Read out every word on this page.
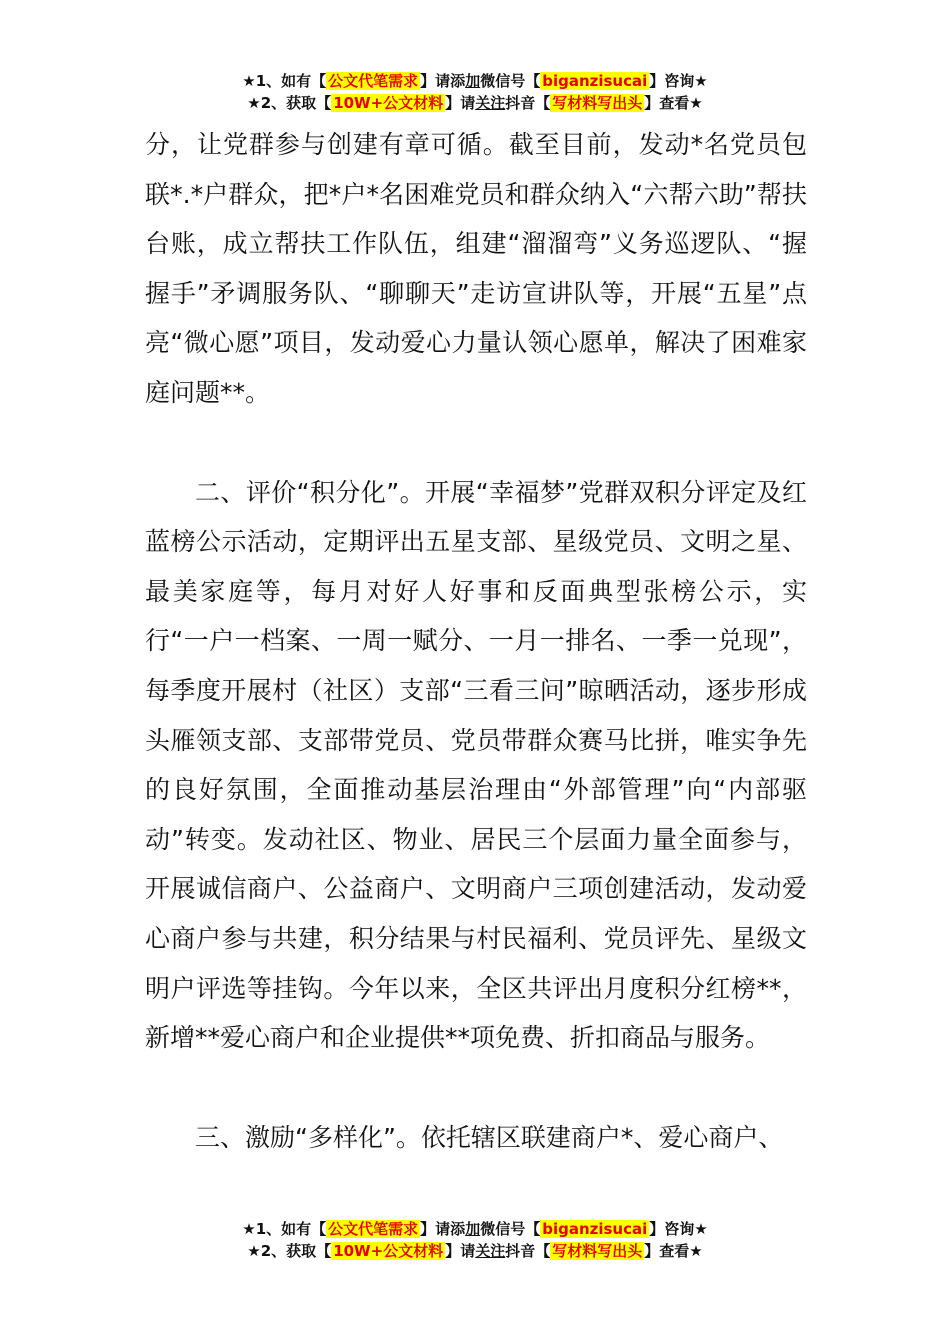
★1、如有【 公文代笔需求 】请添加微信号【 biganzisucai 】咨询★
★2、获取【 10W+公文材料 】请关注抖音【 写材料写出头 】查看★

分，让党群参与创建有章可循。截至目前，发动*名党员包联*.*户群众，把*户*名困难党员和群众纳入“六帮六助”帮扶台账，成立帮扶工作队伍，组建“溜溜弯”义务巡逻队、“握握手”矛调服务队、“聊聊天”走访宣讲队等，开展“五星”点亮“微心愿”项目，发动爱心力量认领心愿单，解决了困难家庭问题**。

二、评价“积分化”。开展“幸福梦”党群双积分评定及红蓝榜公示活动，定期评出五星支部、星级党员、文明之星、最美家庭等，每月对好人好事和反面典型张榜公示，实行“一户一档案、一周一赋分、一月一排名、一季一兑现”，每季度开展村（社区）支部“三看三问”晾晒活动，逐步形成头雁领支部、支部带党员、党员带群众赛马比拼，唯实争先的良好氛围，全面推动基层治理由“外部管理”向“内部驱动”转变。发动社区、物业、居民三个层面力量全面参与，开展诚信商户、公益商户、文明商户三项创建活动，发动爱心商户参与共建，积分结果与村民福利、党员评先、星级文明户评选等挂钩。今年以来，全区共评出月度积分红榜**，新增**爱心商户和企业提供**项免费、折扣商品与服务。

三、激励“多样化”。依托辖区联建商户*、爱心商户、

★1、如有【 公文代笔需求 】请添加微信号【 biganzisucai 】咨询★
★2、获取【 10W+公文材料 】请关注抖音【 写材料写出头 】查看★
